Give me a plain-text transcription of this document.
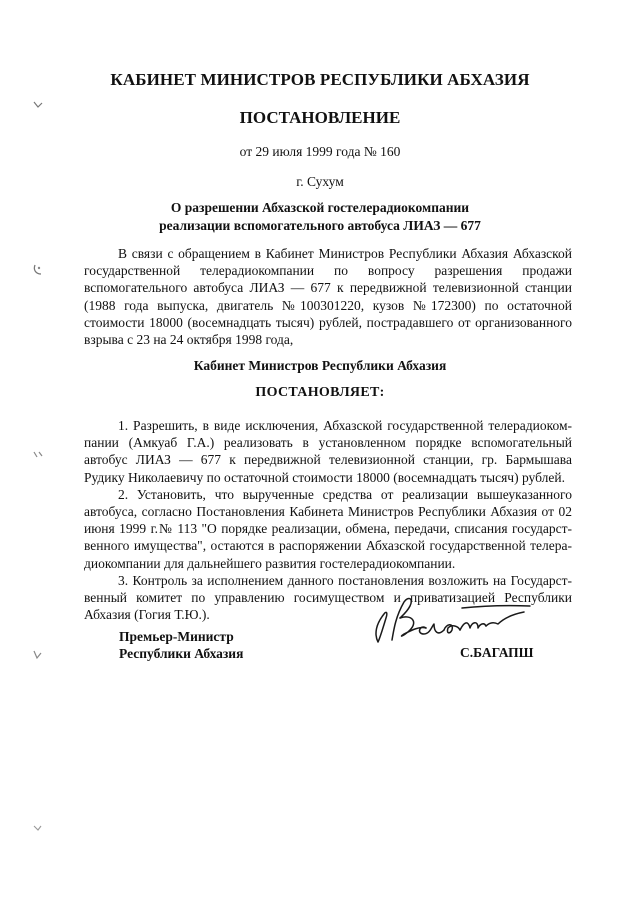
КАБИНЕТ МИНИСТРОВ РЕСПУБЛИКИ АБХАЗИЯ
ПОСТАНОВЛЕНИЕ
от 29 июля 1999 года № 160
г. Сухум
О разрешении Абхазской гостелерадиокомпании
реализации вспомогательного автобуса ЛИАЗ — 677

В связи с обращением в Кабинет Министров Республики Абхазия Абхазской государственной телерадиокомпании по вопросу разрешения продажи вспомогательного автобуса ЛИАЗ — 677 к передвижной телевизионной станции (1988 года выпуска, двигатель №100301220, кузов №172300) по остаточной стоимости 18000 (восемнадцать тысяч) рублей, пострадавшего от организованного взрыва с 23 на 24 октября 1998 года,

Кабинет Министров Республики Абхазия
ПОСТАНОВЛЯЕТ:

1. Разрешить, в виде исключения, Абхазской государственной телерадиокомпании (Амкуаб Г.А.) реализовать в установленном порядке вспомогательный автобус ЛИАЗ — 677 к передвижной телевизионной станции, гр. Бармышава Рудику Николаевичу по остаточной стоимости 18000 (восемнадцать тысяч) рублей.

2. Установить, что вырученные средства от реализации вышеуказанного автобуса, согласно Постановления Кабинета Министров Республики Абхазия от 02 июня 1999 г.№ 113 "О порядке реализации, обмена, передачи, списания государственного имущества", остаются в распоряжении Абхазской государственной телерадиокомпании для дальнейшего развития гостелерадиокомпании.

3. Контроль за исполнением данного постановления возложить на Государственный комитет по управлению госимуществом и приватизацией Республики Абхазия (Гогия Т.Ю.).

Премьер-Министр
Республики Абхазия	С.БАГАПШ
